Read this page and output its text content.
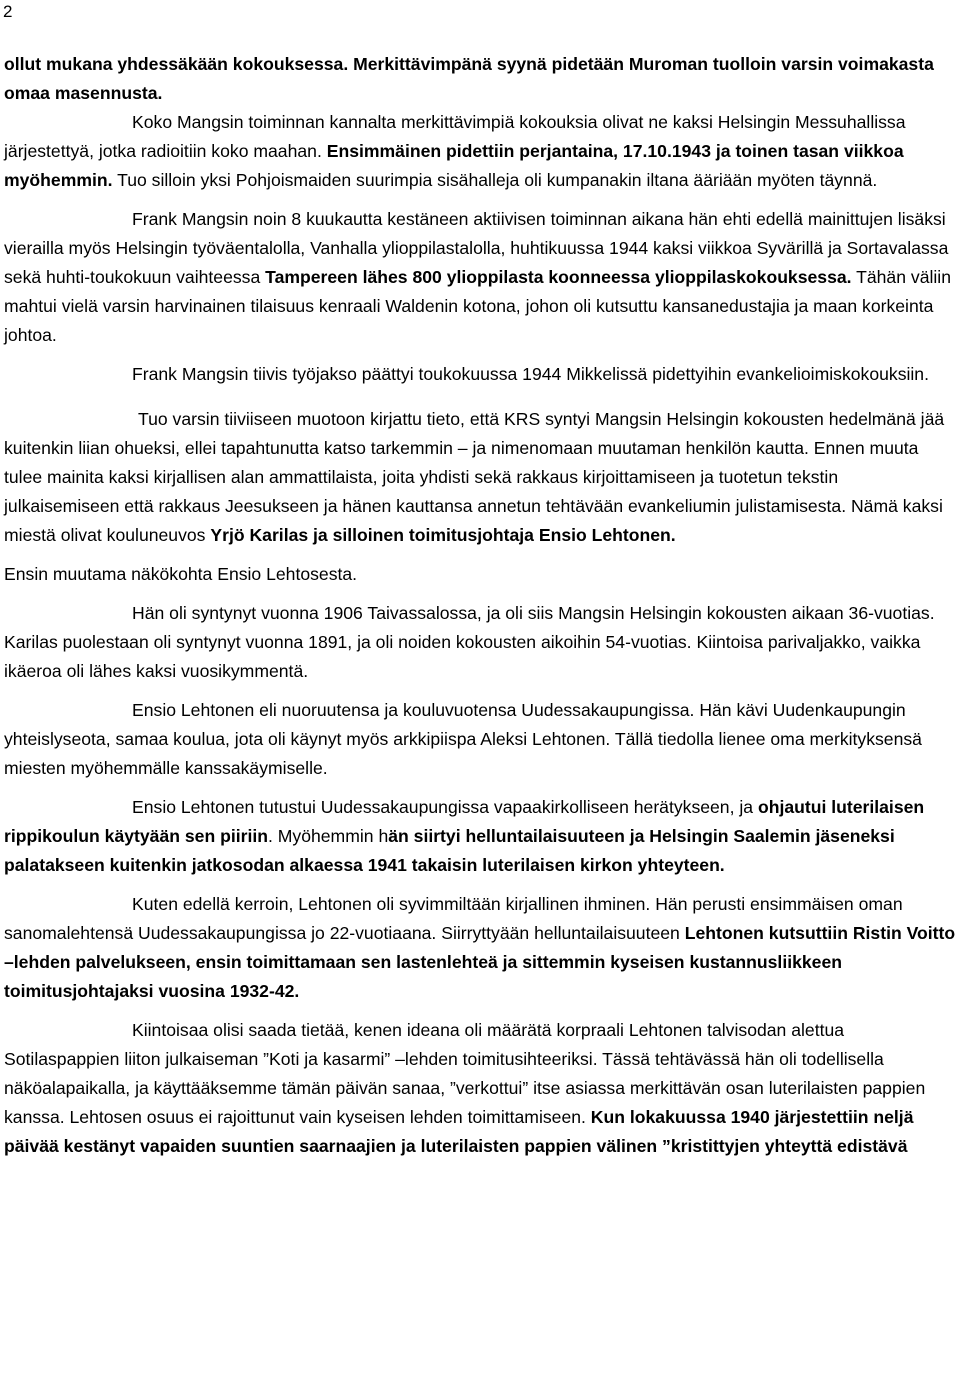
2

ollut mukana yhdessäkään kokouksessa. Merkittävimpänä syynä pidetään Muroman tuolloin varsin voimakasta omaa masennusta.

Koko Mangsin toiminnan kannalta merkittävimpiä kokouksia olivat ne kaksi Helsingin Messuhallissa järjestettyä, jotka radioitiin koko maahan. Ensimmäinen pidettiin perjantaina, 17.10.1943 ja toinen tasan viikkoa myöhemmin. Tuo silloin yksi Pohjoismaiden suurimpia sisähalleja oli kumpanakin iltana ääriään myöten täynnä.

Frank Mangsin noin 8 kuukautta kestäneen aktiivisen toiminnan aikana hän ehti edellä mainittujen lisäksi vierailla myös Helsingin työväentalolla, Vanhalla ylioppilastalolla, huhtikuussa 1944 kaksi viikkoa Syvärillä ja Sortavalassa sekä huhti-toukokuun vaihteessa Tampereen lähes 800 ylioppilasta koonneessa ylioppilaskokouksessa. Tähän väliin mahtui vielä varsin harvinainen tilaisuus kenraali Waldenin kotona, johon oli kutsuttu kansanedustajia ja maan korkeinta johtoa.

Frank Mangsin tiivis työjakso päättyi toukokuussa 1944 Mikkelissä pidettyihin evankelioimiskokouksiin.

Tuo varsin tiiviiseen muotoon kirjattu tieto, että KRS syntyi Mangsin Helsingin kokousten hedelmänä jää kuitenkin liian ohueksi, ellei tapahtunutta katso tarkemmin – ja nimenomaan muutaman henkilön kautta. Ennen muuta tulee mainita kaksi kirjallisen alan ammattilaista, joita yhdisti sekä rakkaus kirjoittamiseen ja tuotetun tekstin julkaisemiseen että rakkaus Jeesukseen ja hänen kauttansa annetun tehtävään evankeliumin julistamisesta. Nämä kaksi miestä olivat kouluneuvos Yrjö Karilas ja silloinen toimitusjohtaja Ensio Lehtonen.

Ensin muutama näkökohta Ensio Lehtosesta.

Hän oli syntynyt vuonna 1906 Taivassalossa, ja oli siis Mangsin Helsingin kokousten aikaan 36-vuotias. Karilas puolestaan oli syntynyt vuonna 1891, ja oli noiden kokousten aikoihin 54-vuotias. Kiintoisa parivaljakko, vaikka ikäeroa oli lähes kaksi vuosikymmentä.

Ensio Lehtonen eli nuoruutensa ja kouluvuotensa Uudessakaupungissa. Hän kävi Uudenkaupungin yhteislyseota, samaa koulua, jota oli käynyt myös arkkipiispa Aleksi Lehtonen. Tällä tiedolla lienee oma merkityksensä miesten myöhemmälle kanssakäymiselle.

Ensio Lehtonen tutustui Uudessakaupungissa vapaakirkolliseen herätykseen, ja ohjautui luterilaisen rippikoulun käytyään sen piiriin. Myöhemmin hän siirtyi helluntailaisuuteen ja Helsingin Saalemin jäseneksi palatakseen kuitenkin jatkosodan alkaessa 1941 takaisin luterilaisen kirkon yhteyteen.

Kuten edellä kerroin, Lehtonen oli syvimmiltään kirjallinen ihminen. Hän perusti ensimmäisen oman sanomalehtensä Uudessakaupungissa jo 22-vuotiaana. Siirryttyään helluntailaisuuteen Lehtonen kutsuttiin Ristin Voitto –lehden palvelukseen, ensin toimittamaan sen lastenlehteä ja sittemmin kyseisen kustannusliikkeen toimitusjohtajaksi vuosina 1932-42.

Kiintoisaa olisi saada tietää, kenen ideana oli määrätä korpraali Lehtonen talvisodan alettua Sotilaspappien liiton julkaiseman ”Koti ja kasarmi” –lehden toimitusihteeriksi. Tässä tehtävässä hän oli todellisella näköalapaikalla, ja käyttääksemme tämän päivän sanaa, ”verkottui” itse asiassa merkittävän osan luterilaisten pappien kanssa. Lehtosen osuus ei rajoittunut vain kyseisen lehden toimittamiseen. Kun lokakuussa 1940 järjestettiin neljä päivää kestänyt vapaiden suuntien saarnaajien ja luterilaisten pappien välinen ”kristittyjen yhteyttä edistävä
